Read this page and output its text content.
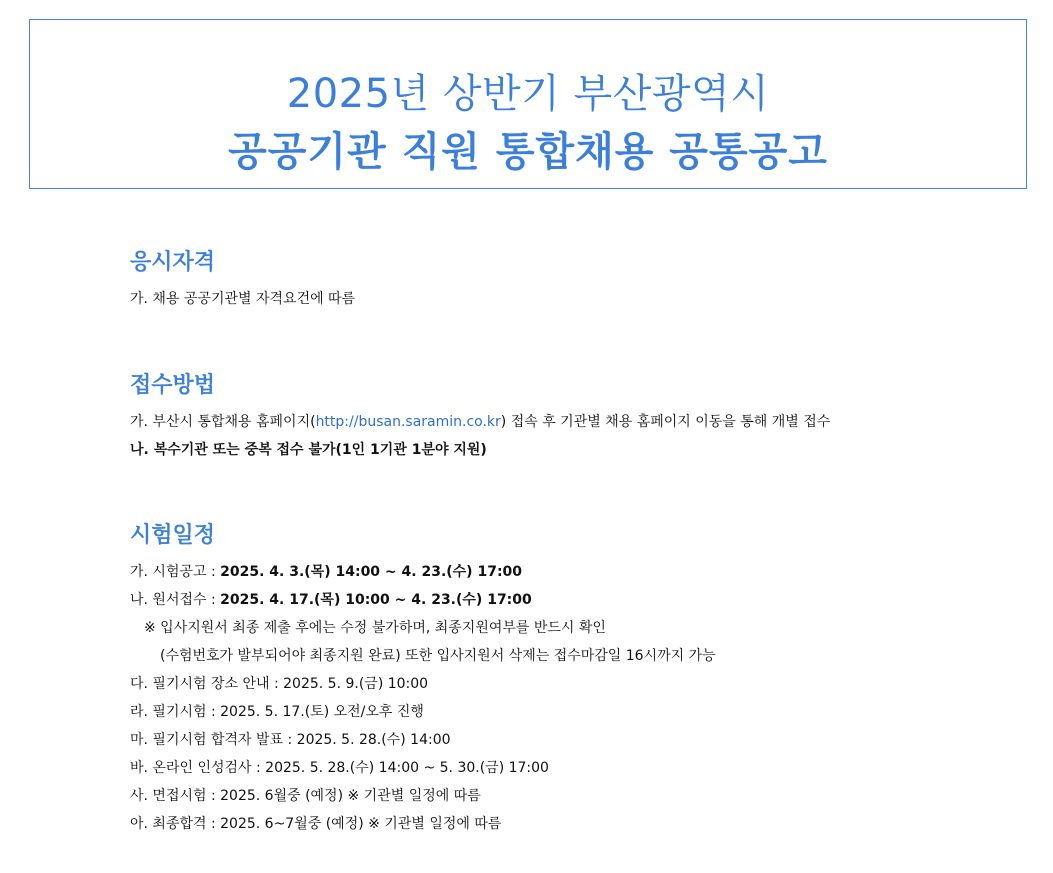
2025년 상반기 부산광역시
공공기관 직원 통합채용 공통공고
응시자격
가. 채용 공공기관별 자격요건에 따름
접수방법
가. 부산시 통합채용 홈페이지(http://busan.saramin.co.kr) 접속 후 기관별 채용 홈페이지 이동을 통해 개별 접수
나. 복수기관 또는 중복 접수 불가(1인 1기관 1분야 지원)
시험일정
가. 시험공고 : 2025. 4. 3.(목) 14:00 ~ 4. 23.(수) 17:00
나. 원서접수 : 2025. 4. 17.(목) 10:00 ~ 4. 23.(수) 17:00
※ 입사지원서 최종 제출 후에는 수정 불가하며, 최종지원여부를 반드시 확인
(수험번호가 발부되어야 최종지원 완료) 또한 입사지원서 삭제는 접수마감일 16시까지 가능
다. 필기시험 장소 안내 : 2025. 5. 9.(금) 10:00
라. 필기시험 : 2025. 5. 17.(토) 오전/오후 진행
마. 필기시험 합격자 발표 : 2025. 5. 28.(수) 14:00
바. 온라인 인성검사 : 2025. 5. 28.(수) 14:00 ~ 5. 30.(금) 17:00
사. 면접시험 : 2025. 6월중 (예정) ※ 기관별 일정에 따름
아. 최종합격 : 2025. 6~7월중 (예정) ※ 기관별 일정에 따름
